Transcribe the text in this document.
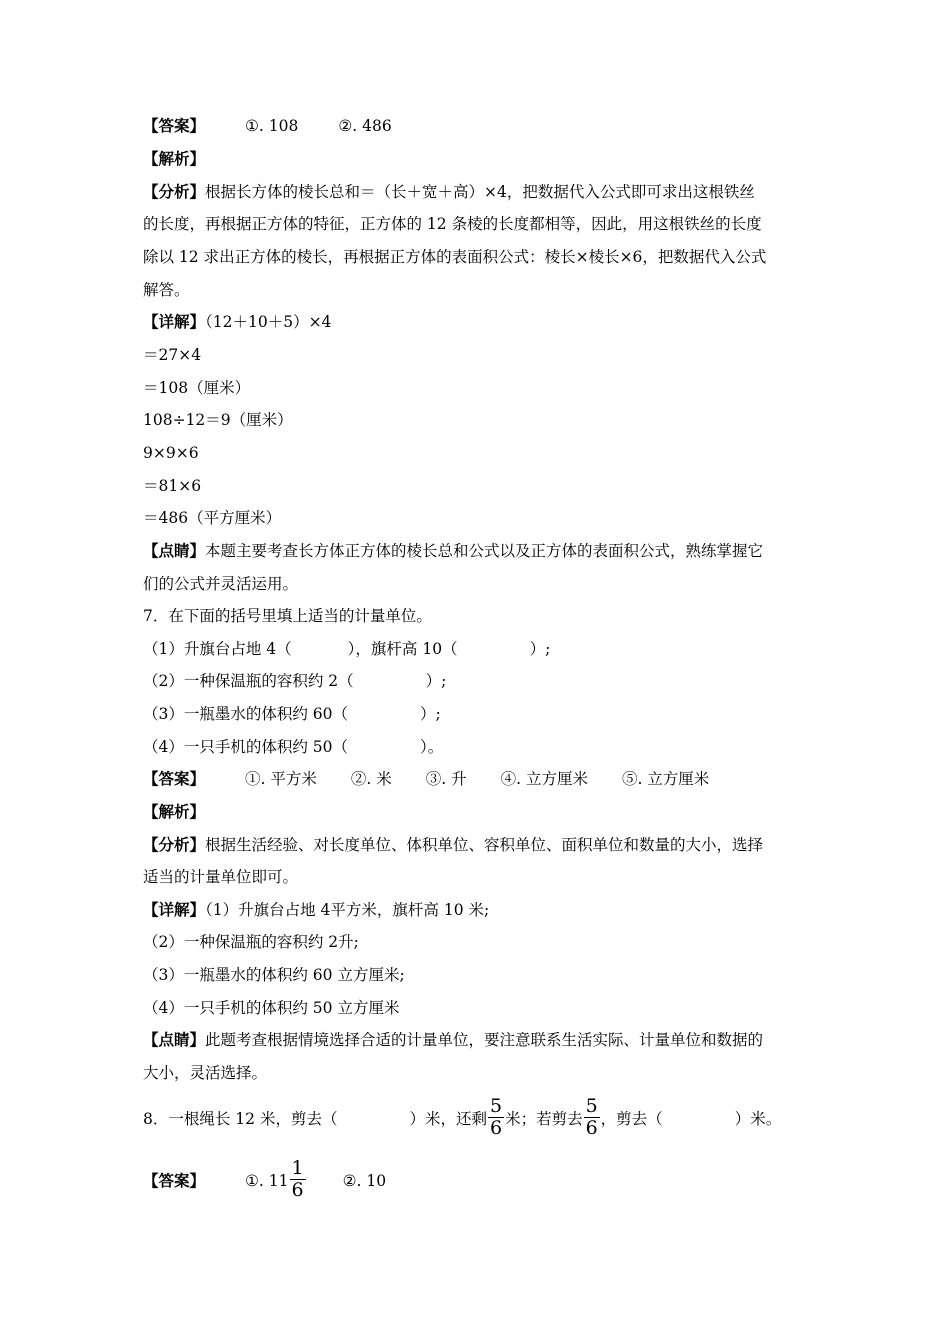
【答案】	①. 108	②. 486
【解析】
【分析】根据长方体的棱长总和＝（长＋宽＋高）×4，把数据代入公式即可求出这根铁丝
的长度，再根据正方体的特征，正方体的 12 条棱的长度都相等，因此，用这根铁丝的长度
除以 12 求出正方体的棱长，再根据正方体的表面积公式：棱长×棱长×6，把数据代入公式
解答。
【详解】（12＋10＋5）×4
＝27×4
＝108（厘米）
108÷12＝9（厘米）
9×9×6
＝81×6
＝486（平方厘米）
【点睛】本题主要考查长方体正方体的棱长总和公式以及正方体的表面积公式，熟练掌握它
们的公式并灵活运用。
7．在下面的括号里填上适当的计量单位。
（1）升旗台占地 4（	），旗杆高 10（	）;
（2）一种保温瓶的容积约 2（	）;
（3）一瓶墨水的体积约 60（	）;
（4）一只手机的体积约 50（	）。
【答案】	①. 平方米 ②. 米 ③. 升 ④. 立方厘米 ⑤. 立方厘米
【解析】
【分析】根据生活经验、对长度单位、体积单位、容积单位、面积单位和数量的大小，选择
适当的计量单位即可。
【详解】（1）升旗台占地 4平方米，旗杆高 10 米;
（2）一种保温瓶的容积约 2升;
（3）一瓶墨水的体积约 60 立方厘米;
（4）一只手机的体积约 50 立方厘米
【点睛】此题考查根据情境选择合适的计量单位，要注意联系生活实际、计量单位和数据的
大小，灵活选择。
8．一根绳长 12 米，剪去（	）米，还剩 $\frac{5}{6}$ 米；若剪去 $\frac{5}{6}$ ，剪去（	）米。
【答案】	①. $11 \frac{1}{6}$ ②. 10
